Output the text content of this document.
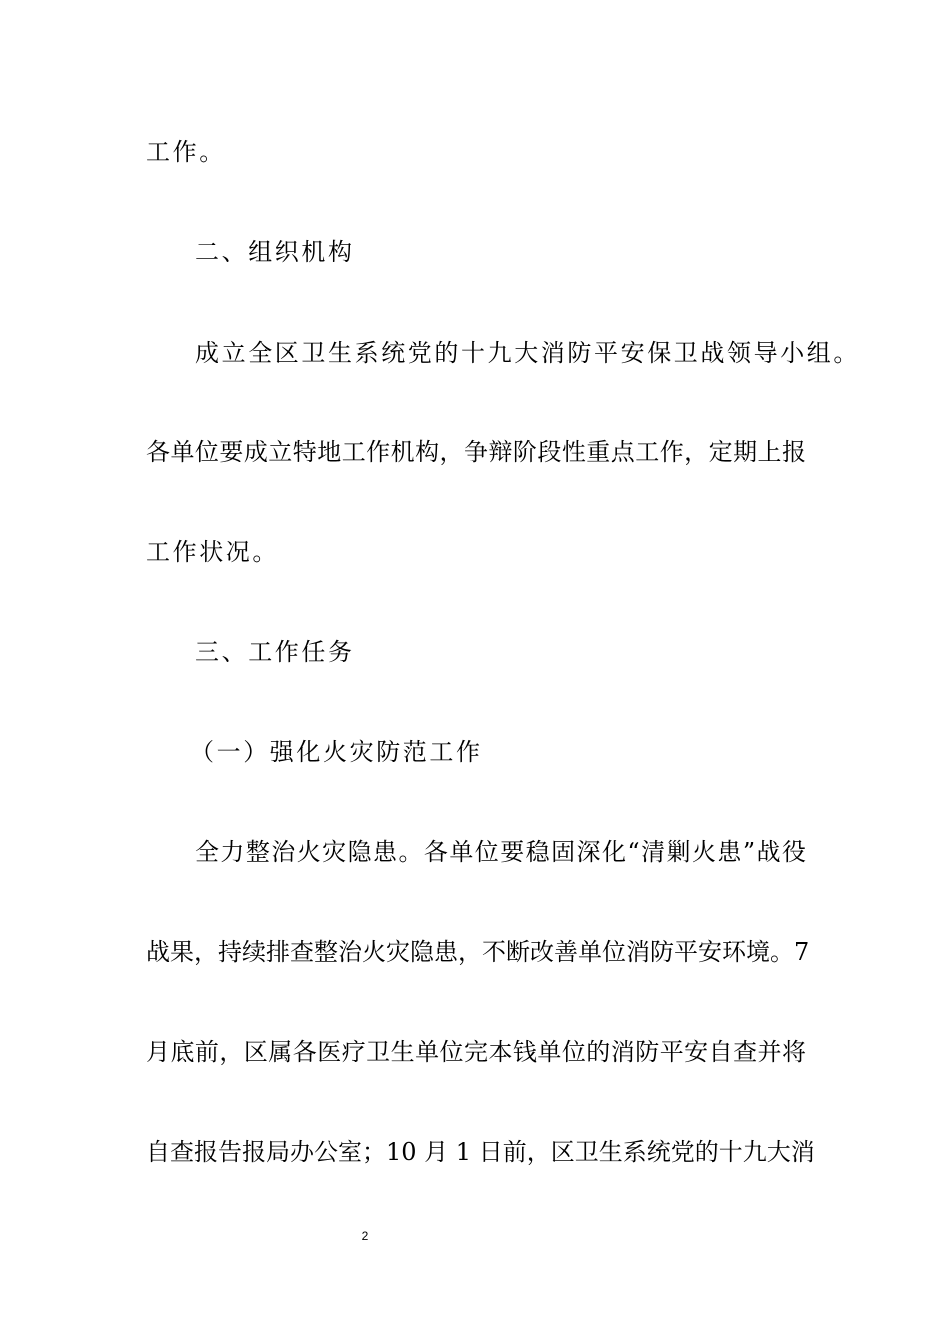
工作。
二、组织机构
成立全区卫生系统党的十九大消防平安保卫战领导小组。
各单位要成立特地工作机构，争辩阶段性重点工作，定期上报
工作状况。
三、工作任务
（一）强化火灾防范工作
全力整治火灾隐患。各单位要稳固深化“清剿火患”战役
战果，持续排查整治火灾隐患，不断改善单位消防平安环境。7
月底前，区属各医疗卫生单位完本钱单位的消防平安自查并将
自查报告报局办公室；10 月 1 日前，区卫生系统党的十九大消
2
